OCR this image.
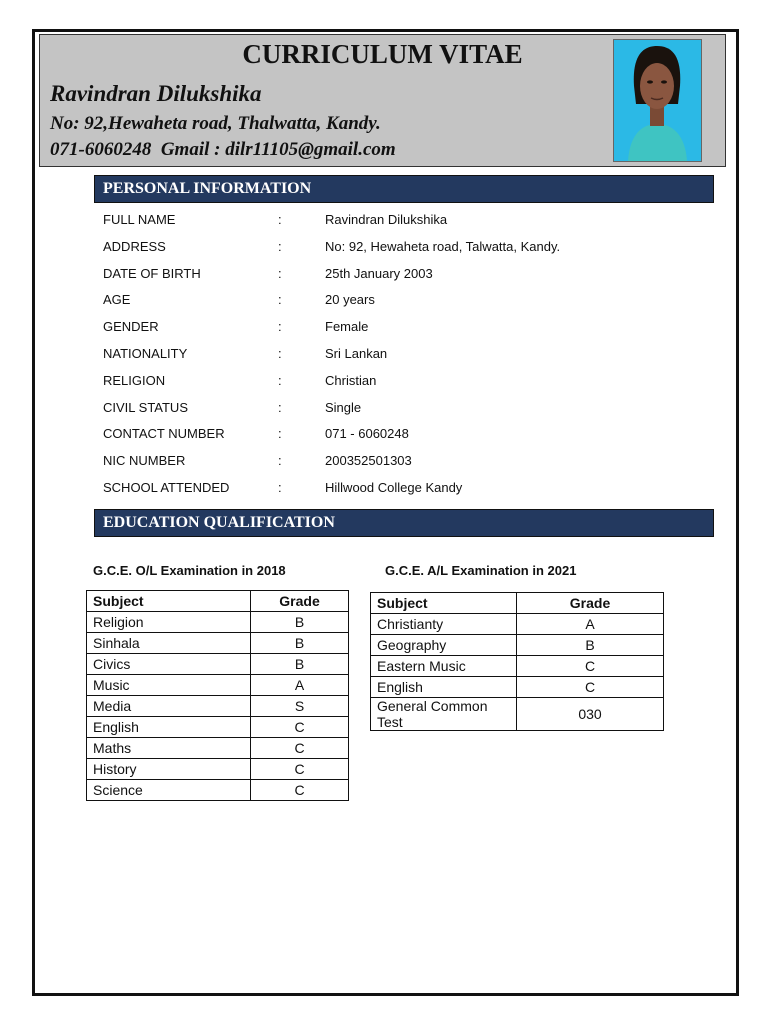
CURRICULUM VITAE
Ravindran Dilukshika
No: 92,Hewaheta road, Thalwatta, Kandy.
071-6060248  Gmail : dilr11105@gmail.com
PERSONAL INFORMATION
FULL NAME	:	Ravindran Dilukshika
ADDRESS	:	No: 92, Hewaheta road, Talwatta, Kandy.
DATE OF BIRTH	:	25th January 2003
AGE	:	20 years
GENDER	:	Female
NATIONALITY	:	Sri Lankan
RELIGION	:	Christian
CIVIL STATUS	:	Single
CONTACT NUMBER	:	071 - 6060248
NIC NUMBER	:	200352501303
SCHOOL ATTENDED	:	Hillwood College Kandy
EDUCATION QUALIFICATION
G.C.E. O/L Examination in 2018	G.C.E. A/L Examination in 2021
Subject	Grade
Religion	B
Sinhala	B
Civics	B
Music	A
Media	S
English	C
Maths	C
History	C
Science	C
Subject	Grade
Christianty	A
Geography	B
Eastern Music	C
English	C
General Common Test	030
